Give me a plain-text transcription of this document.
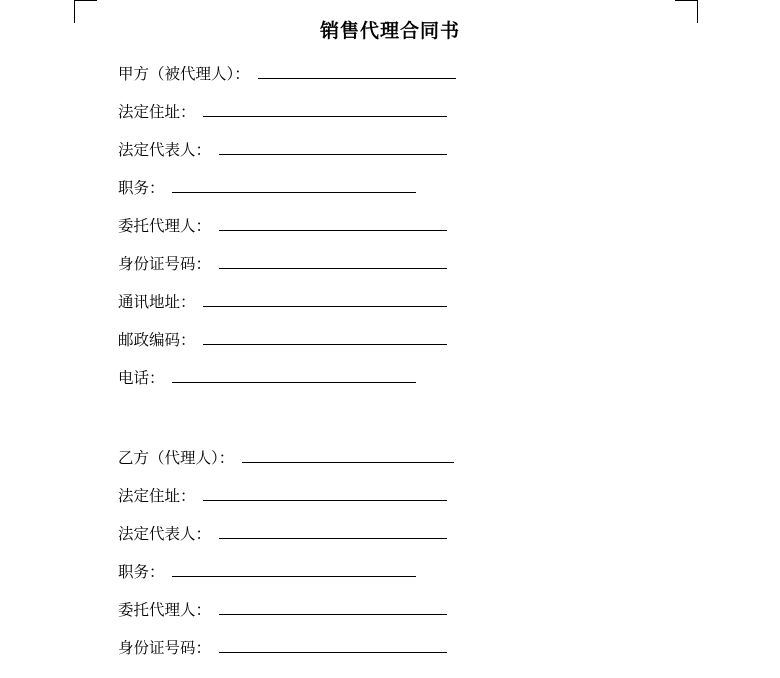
销售代理合同书
甲方（被代理人）：
法定住址：
法定代表人：
职务：
委托代理人：
身份证号码：
通讯地址：
邮政编码：
电话：
乙方（代理人）：
法定住址：
法定代表人：
职务：
委托代理人：
身份证号码：
